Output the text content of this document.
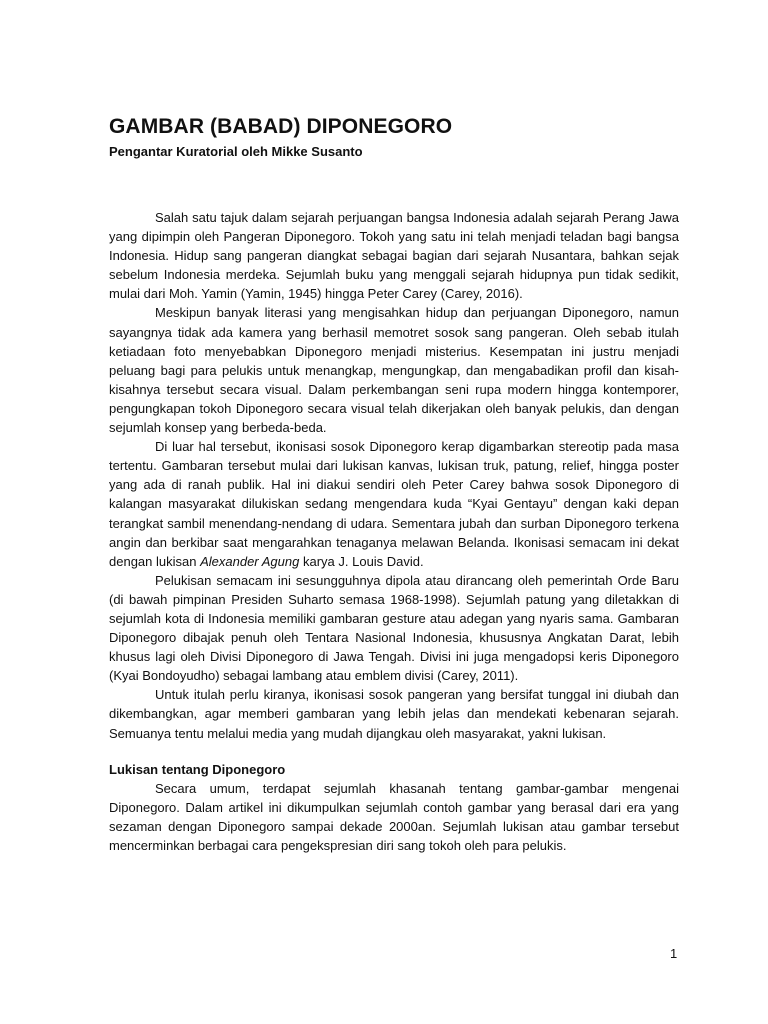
GAMBAR (BABAD) DIPONEGORO
Pengantar Kuratorial oleh Mikke Susanto

Salah satu tajuk dalam sejarah perjuangan bangsa Indonesia adalah sejarah Perang Jawa yang dipimpin oleh Pangeran Diponegoro. Tokoh yang satu ini telah menjadi teladan bagi bangsa Indonesia. Hidup sang pangeran diangkat sebagai bagian dari sejarah Nusantara, bahkan sejak sebelum Indonesia merdeka. Sejumlah buku yang menggali sejarah hidupnya pun tidak sedikit, mulai dari Moh. Yamin (Yamin, 1945) hingga Peter Carey (Carey, 2016).

Meskipun banyak literasi yang mengisahkan hidup dan perjuangan Diponegoro, namun sayangnya tidak ada kamera yang berhasil memotret sosok sang pangeran. Oleh sebab itulah ketiadaan foto menyebabkan Diponegoro menjadi misterius. Kesempatan ini justru menjadi peluang bagi para pelukis untuk menangkap, mengungkap, dan mengabadikan profil dan kisah-kisahnya tersebut secara visual. Dalam perkembangan seni rupa modern hingga kontemporer, pengungkapan tokoh Diponegoro secara visual telah dikerjakan oleh banyak pelukis, dan dengan sejumlah konsep yang berbeda-beda.

Di luar hal tersebut, ikonisasi sosok Diponegoro kerap digambarkan stereotip pada masa tertentu. Gambaran tersebut mulai dari lukisan kanvas, lukisan truk, patung, relief, hingga poster yang ada di ranah publik. Hal ini diakui sendiri oleh Peter Carey bahwa sosok Diponegoro di kalangan masyarakat dilukiskan sedang mengendara kuda “Kyai Gentayu” dengan kaki depan terangkat sambil menendang-nendang di udara. Sementara jubah dan surban Diponegoro terkena angin dan berkibar saat mengarahkan tenaganya melawan Belanda. Ikonisasi semacam ini dekat dengan lukisan Alexander Agung karya J. Louis David.

Pelukisan semacam ini sesungguhnya dipola atau dirancang oleh pemerintah Orde Baru (di bawah pimpinan Presiden Suharto semasa 1968-1998). Sejumlah patung yang diletakkan di sejumlah kota di Indonesia memiliki gambaran gesture atau adegan yang nyaris sama. Gambaran Diponegoro dibajak penuh oleh Tentara Nasional Indonesia, khususnya Angkatan Darat, lebih khusus lagi oleh Divisi Diponegoro di Jawa Tengah. Divisi ini juga mengadopsi keris Diponegoro (Kyai Bondoyudho) sebagai lambang atau emblem divisi (Carey, 2011).

Untuk itulah perlu kiranya, ikonisasi sosok pangeran yang bersifat tunggal ini diubah dan dikembangkan, agar memberi gambaran yang lebih jelas dan mendekati kebenaran sejarah. Semuanya tentu melalui media yang mudah dijangkau oleh masyarakat, yakni lukisan.

Lukisan tentang Diponegoro

Secara umum, terdapat sejumlah khasanah tentang gambar-gambar mengenai Diponegoro. Dalam artikel ini dikumpulkan sejumlah contoh gambar yang berasal dari era yang sezaman dengan Diponegoro sampai dekade 2000an. Sejumlah lukisan atau gambar tersebut mencerminkan berbagai cara pengekspresian diri sang tokoh oleh para pelukis.

1
